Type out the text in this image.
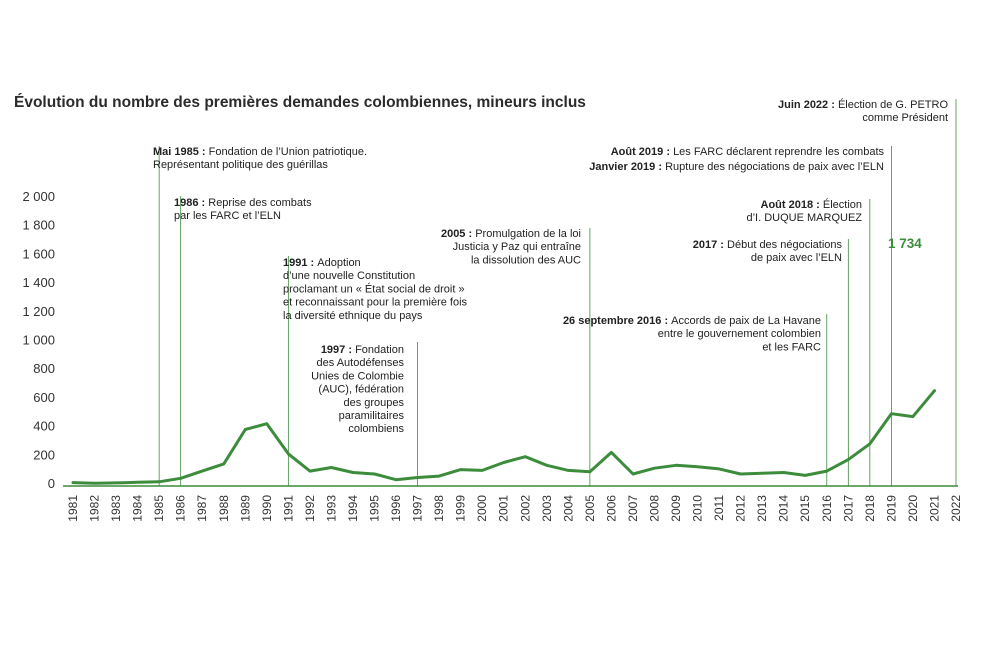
Évolution du nombre des premières demandes colombiennes, mineurs inclus
Mai 1985 : Fondation de l’Union patriotique.
Représentant politique des guérillas
1986 : Reprise des combats
par les FARC et l’ELN
1991 : Adoption
d’une nouvelle Constitution
proclamant un « État social de droit »
et reconnaissant pour la première fois
la diversité ethnique du pays
1997 : Fondation
des Autodéfenses
Unies de Colombie
(AUC), fédération
des groupes
paramilitaires
colombiens
2005 : Promulgation de la loi
Justicia y Paz qui entraîne
la dissolution des AUC
26 septembre 2016 : Accords de paix de La Havane
entre le gouvernement colombien
et les FARC
2017 : Début des négociations
de paix avec l’ELN
Août 2018 : Élection
d’I. DUQUE MARQUEZ
Août 2019 : Les FARC déclarent reprendre les combats
Janvier 2019 : Rupture des négociations de paix avec l’ELN
Juin 2022 : Élection de G. PETRO
comme Président
0
200
400
600
800
1 000
1 200
1 400
1 600
1 800
2 000
1981 1982 1983 1984 1985 1986 1987 1988 1989 1990 1991 1992 1993 1994 1995 1996 1997 1998 1999 2000 2001 2002 2003 2004 2005 2006 2007 2008 2009 2010 2011 2012 2013 2014 2015 2016 2017 2018 2019 2020 2021 2022
1 734
